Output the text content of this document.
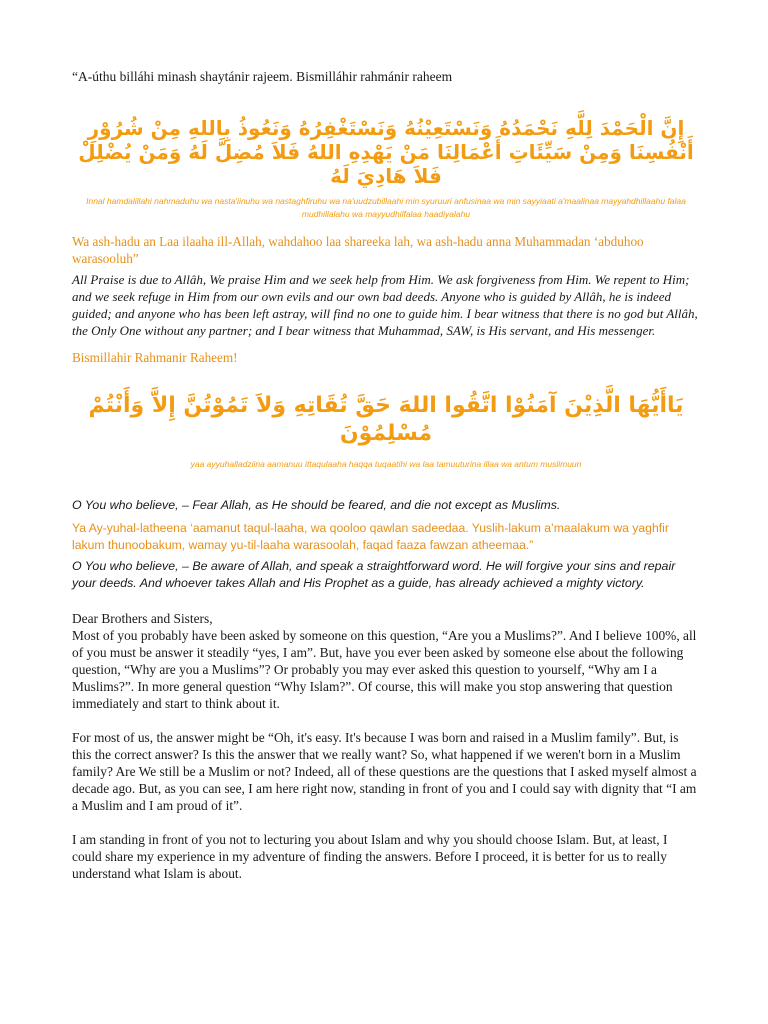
“A-úthu billáhi minash shaytánir rajeem. Bismilláhir rahmánir raheem

إِنَّ الْحَمْدَ لِلَّهِ نَحْمَدُهُ وَنَسْتَعِيْنُهُ وَنَسْتَغْفِرُهُ وَنَعُوذُ بِاللهِ مِنْ شُرُوْرِ أَنْفُسِنَا وَمِنْ سَيِّئَاتِ أَعْمَالِنَا مَنْ يَهْدِهِ اللهُ فَلاَ مُضِلَّ لَهُ وَمَنْ يُضْلِلْ فَلاَ هَادِيَ لَهُ

Innal hamdalillahi nahmaduhu wa nasta'iinuhu wa nastaghfiruhu wa na'uudzubillaahi min syuruuri anfusinaa wa min sayyiaati a'maalinaa mayyahdhillaahu falaa mudhillalahu wa mayyudhilfalaa haadiyalahu

Wa ash-hadu an Laa ilaaha ill-Allah, wahdahoo laa shareeka lah, wa ash-hadu anna Muhammadan ‘abduhoo warasooluh”

All Praise is due to Allâh, We praise Him and we seek help from Him. We ask forgiveness from Him. We repent to Him; and we seek refuge in Him from our own evils and our own bad deeds. Anyone who is guided by Allâh, he is indeed guided; and anyone who has been left astray, will find no one to guide him. I bear witness that there is no god but Allâh, the Only One without any partner; and I bear witness that Muhammad, SAW, is His servant, and His messenger.

Bismillahir Rahmanir Raheem!

يَاأَيُّهَا الَّذِيْنَ آمَنُوْا اتَّقُوا اللهَ حَقَّ تُقَاتِهِ وَلاَ تَمُوْتُنَّ إِلاَّ وَأَنْتُمْ مُسْلِمُوْنَ

yaa ayyuhalladziina aamanuu ittaqulaaha haqqa tuqaatihi wa laa tamuuturina illaa wa antum muslimuun

O You who believe, – Fear Allah, as He should be feared, and die not except as Muslims.

Ya Ay-yuhal-latheena ‘aamanut taqul-laaha, wa qooloo qawlan sadeedaa. Yuslih-lakum a’maalakum wa yaghfir lakum thunoobakum, wamay yu-til-laaha warasoolah, faqad faaza fawzan atheemaa.”

O You who believe, – Be aware of Allah, and speak a straightforward word. He will forgive your sins and repair your deeds. And whoever takes Allah and His Prophet as a guide, has already achieved a mighty victory.

Dear Brothers and Sisters,

Most of you probably have been asked by someone on this question, “Are you a Muslims?”. And I believe 100%, all of you must be answer it steadily “yes, I am”. But, have you ever been asked by someone else about the following question, “Why are you a Muslims”? Or probably you may ever asked this question to yourself, “Why am I a Muslims?”. In more general question “Why Islam?”. Of course, this will make you stop answering that question immediately and start to think about it.

For most of us, the answer might be “Oh, it's easy. It's because I was born and raised in a Muslim family”. But, is this the correct answer? Is this the answer that we really want? So, what happened if we weren't born in a Muslim family? Are We still be a Muslim or not? Indeed, all of these questions are the questions that I asked myself almost a decade ago. But, as you can see, I am here right now, standing in front of you and I could say with dignity that “I am a Muslim and I am proud of it”.

I am standing in front of you not to lecturing you about Islam and why you should choose Islam. But, at least, I could share my experience in my adventure of finding the answers. Before I proceed, it is better for us to really understand what Islam is about.
